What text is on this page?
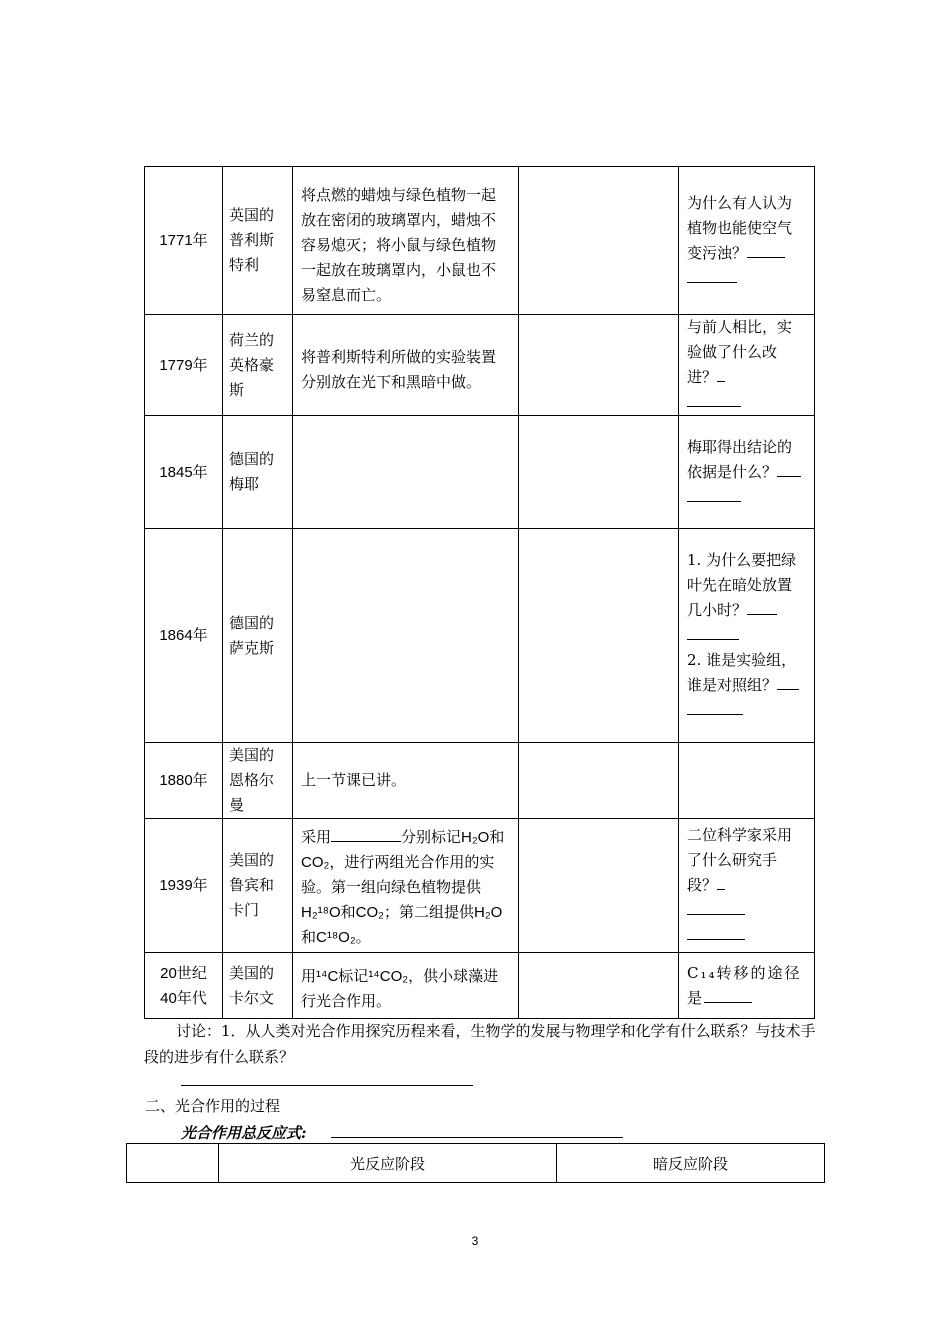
1771年	英国的普利斯特利	将点燃的蜡烛与绿色植物一起放在密闭的玻璃罩内，蜡烛不容易熄灭；将小鼠与绿色植物一起放在玻璃罩内，小鼠也不易窒息而亡。		为什么有人认为植物也能使空气变污浊？

1779年	荷兰的英格豪斯	将普利斯特利所做的实验装置分别放在光下和黑暗中做。		与前人相比，实验做了什么改进？

1845年	德国的梅耶			梅耶得出结论的依据是什么？

1864年	德国的萨克斯			1. 为什么要把绿叶先在暗处放置几小时？

2. 谁是实验组，谁是对照组？

1880年	美国的恩格尔曼	上一节课已讲。		
1939年	美国的鲁宾和卡门	采用 分别标记H₂O和CO₂，进行两组光合作用的实验。第一组向绿色植物提供H₂¹⁸O和CO₂；第二组提供H₂O和C¹⁸O₂。		二位科学家采用了什么研究手段？

20世纪40年代	美国的卡尔文	用¹⁴C标记¹⁴CO₂，供小球藻进行光合作用。		C₁₄转移的途径是
讨论：1．从人类对光合作用探究历程来看，生物学的发展与物理学和化学有什么联系？与技术手段的进步有什么联系？
二、光合作用的过程
光合作用总反应式:
	光反应阶段	暗反应阶段
3
